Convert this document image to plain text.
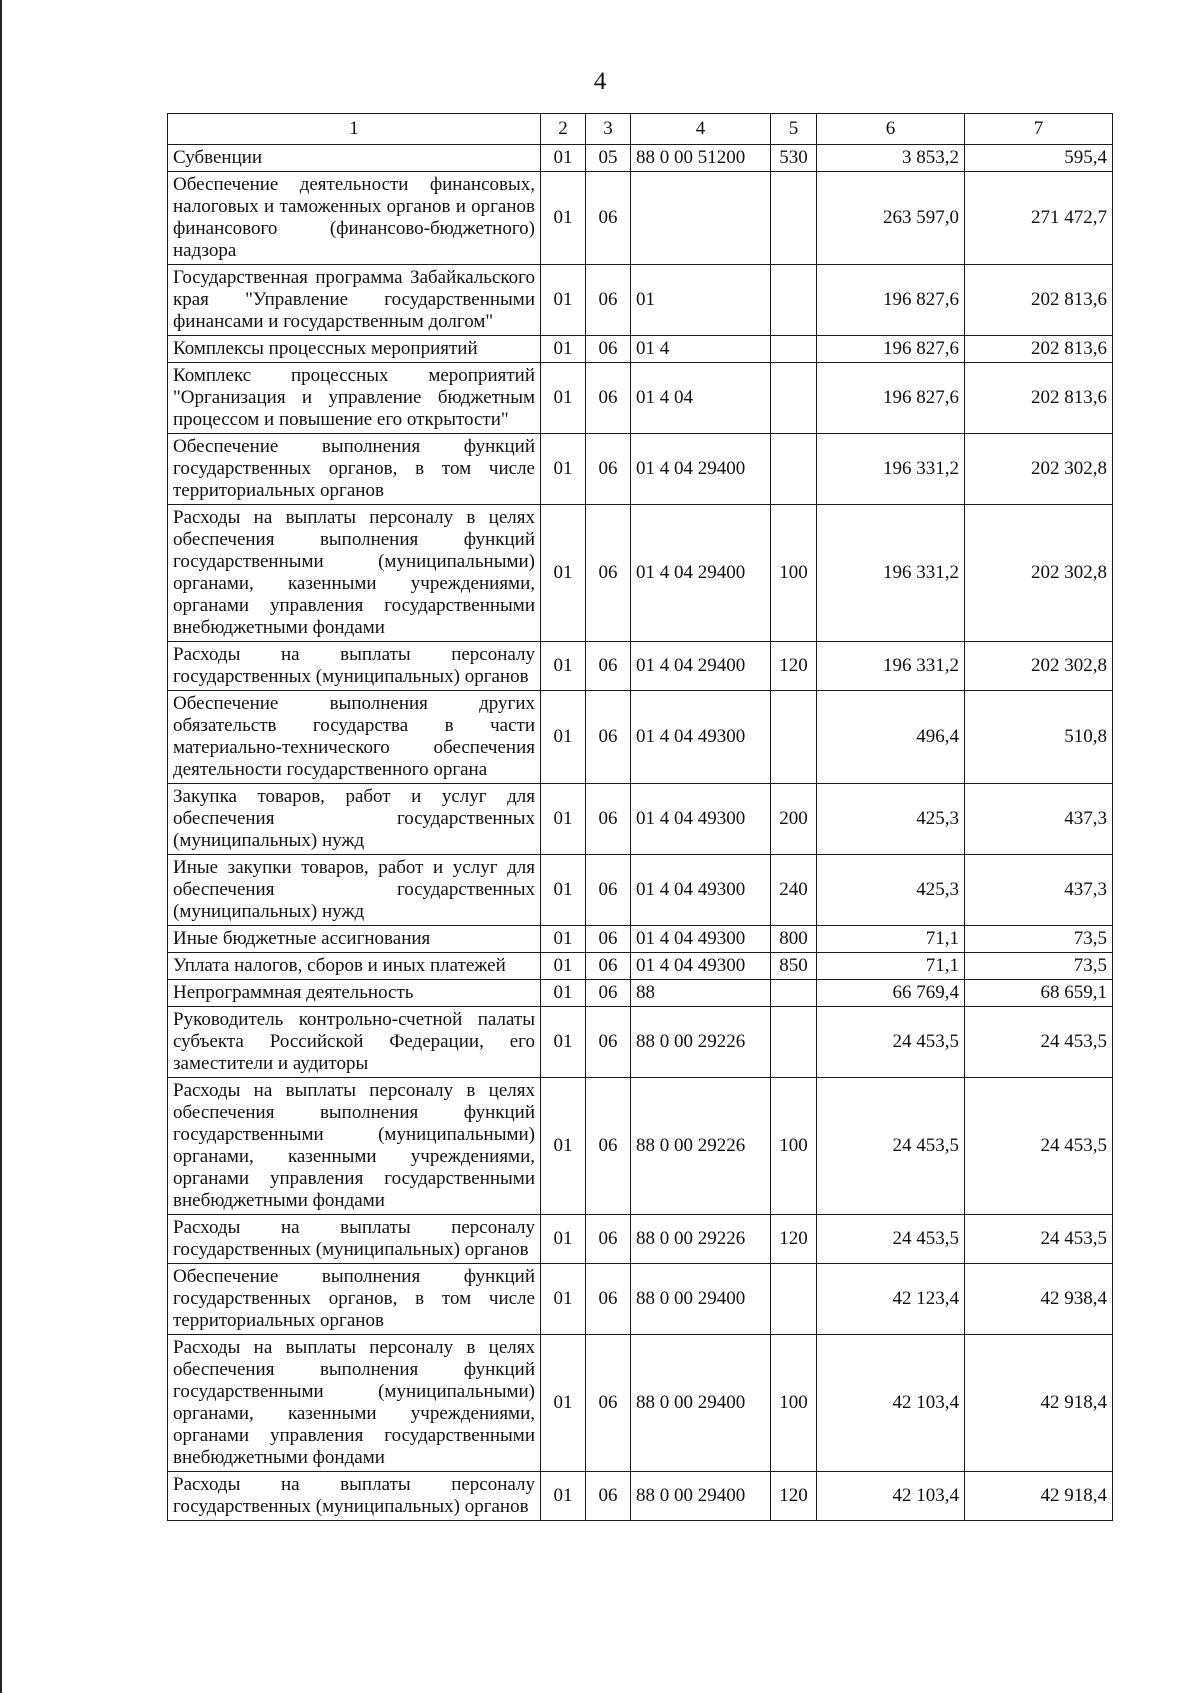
4
1	2	3	4	5	6	7
Субвенции	01	05	88 0 00 51200	530	3 853,2	595,4
Обеспечение деятельности финансовых, налоговых и таможенных органов и органов финансового (финансово-бюджетного) надзора	01	06			263 597,0	271 472,7
Государственная программа Забайкальского края "Управление государственными финансами и государственным долгом"	01	06	01		196 827,6	202 813,6
Комплексы процессных мероприятий	01	06	01 4		196 827,6	202 813,6
Комплекс процессных мероприятий "Организация и управление бюджетным процессом и повышение его открытости"	01	06	01 4 04		196 827,6	202 813,6
Обеспечение выполнения функций государственных органов, в том числе территориальных органов	01	06	01 4 04 29400		196 331,2	202 302,8
Расходы на выплаты персоналу в целях обеспечения выполнения функций государственными (муниципальными) органами, казенными учреждениями, органами управления государственными внебюджетными фондами	01	06	01 4 04 29400	100	196 331,2	202 302,8
Расходы на выплаты персоналу государственных (муниципальных) органов	01	06	01 4 04 29400	120	196 331,2	202 302,8
Обеспечение выполнения других обязательств государства в части материально-технического обеспечения деятельности государственного органа	01	06	01 4 04 49300		496,4	510,8
Закупка товаров, работ и услуг для обеспечения государственных (муниципальных) нужд	01	06	01 4 04 49300	200	425,3	437,3
Иные закупки товаров, работ и услуг для обеспечения государственных (муниципальных) нужд	01	06	01 4 04 49300	240	425,3	437,3
Иные бюджетные ассигнования	01	06	01 4 04 49300	800	71,1	73,5
Уплата налогов, сборов и иных платежей	01	06	01 4 04 49300	850	71,1	73,5
Непрограммная деятельность	01	06	88		66 769,4	68 659,1
Руководитель контрольно-счетной палаты субъекта Российской Федерации, его заместители и аудиторы	01	06	88 0 00 29226		24 453,5	24 453,5
Расходы на выплаты персоналу в целях обеспечения выполнения функций государственными (муниципальными) органами, казенными учреждениями, органами управления государственными внебюджетными фондами	01	06	88 0 00 29226	100	24 453,5	24 453,5
Расходы на выплаты персоналу государственных (муниципальных) органов	01	06	88 0 00 29226	120	24 453,5	24 453,5
Обеспечение выполнения функций государственных органов, в том числе территориальных органов	01	06	88 0 00 29400		42 123,4	42 938,4
Расходы на выплаты персоналу в целях обеспечения выполнения функций государственными (муниципальными) органами, казенными учреждениями, органами управления государственными внебюджетными фондами	01	06	88 0 00 29400	100	42 103,4	42 918,4
Расходы на выплаты персоналу государственных (муниципальных) органов	01	06	88 0 00 29400	120	42 103,4	42 918,4
